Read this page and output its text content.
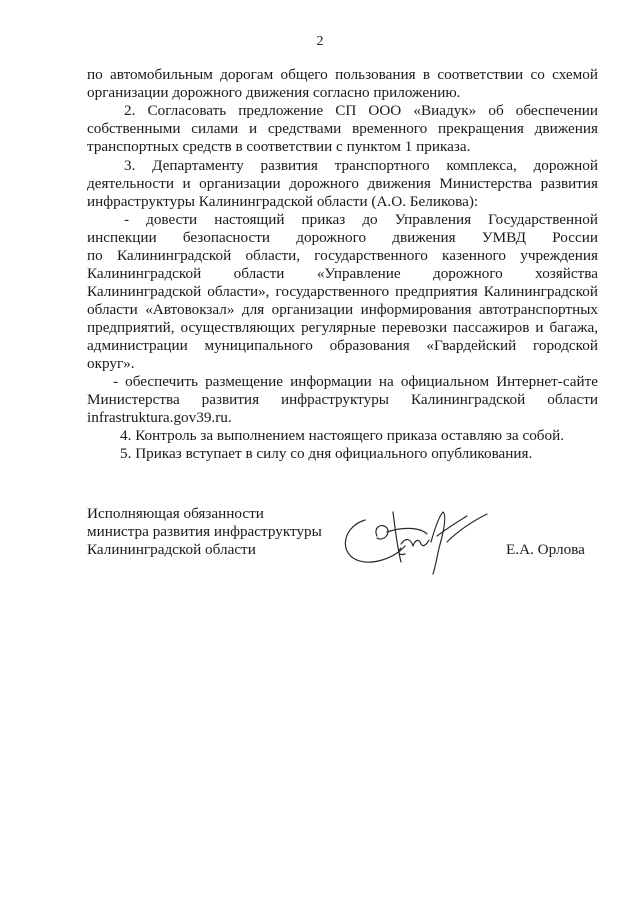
2
по автомобильным дорогам общего пользования в соответствии со схемой
организации дорожного движения согласно приложению.
2. Согласовать предложение СП ООО «Виадук» об обеспечении
собственными силами и средствами временного прекращения движения
транспортных средств в соответствии с пунктом 1 приказа.
3. Департаменту развития транспортного комплекса, дорожной
деятельности и организации дорожного движения Министерства развития
инфраструктуры Калининградской области (А.О. Беликова):
- довести настоящий приказ до Управления Государственной
инспекции безопасности дорожного движения УМВД России
по Калининградской области, государственного казенного учреждения
Калининградской области «Управление дорожного хозяйства
Калининградской области», государственного предприятия Калининградской
области «Автовокзал» для организации информирования автотранспортных
предприятий, осуществляющих регулярные перевозки пассажиров и багажа,
администрации муниципального образования «Гвардейский городской
округ».
- обеспечить размещение информации на официальном Интернет-сайте
Министерства развития инфраструктуры Калининградской области
infrastruktura.gov39.ru.
4. Контроль за выполнением настоящего приказа оставляю за собой.
5. Приказ вступает в силу со дня официального опубликования.
Исполняющая обязанности
министра развития инфраструктуры
Калининградской области	Е.А. Орлова
